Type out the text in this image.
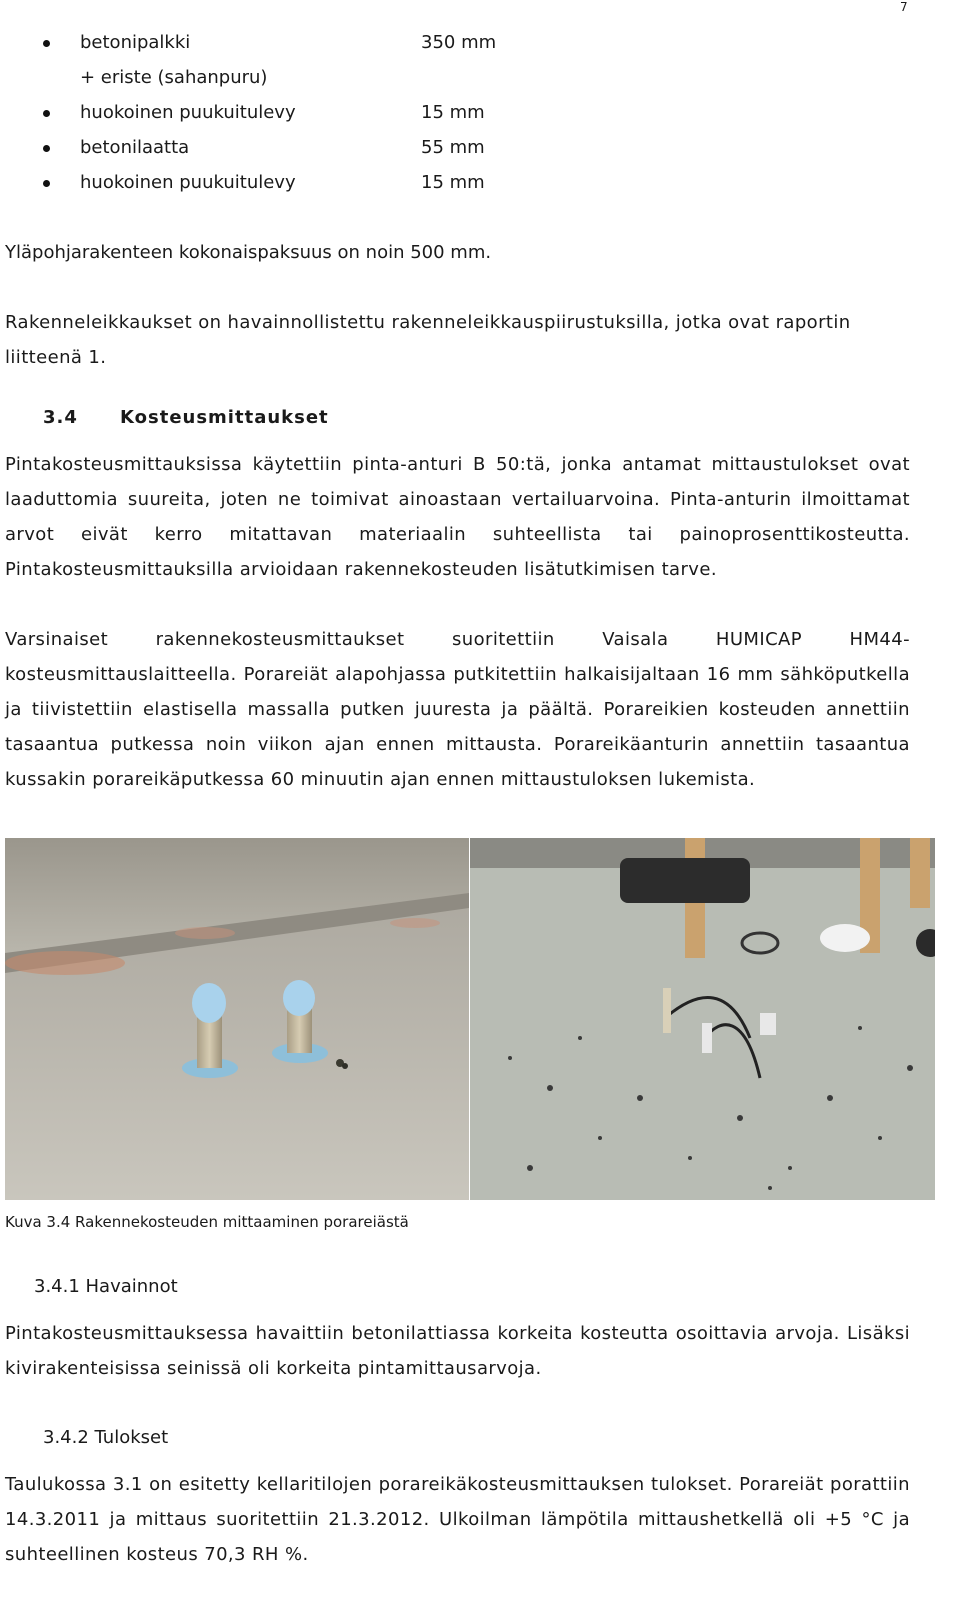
7
betonipalkki	350 mm
+ eriste (sahanpuru)
huokoinen puukuitulevy	15 mm
betonilaatta	55 mm
huokoinen puukuitulevy	15 mm
Yläpohjarakenteen kokonaispaksuus on noin 500 mm.

Rakenneleikkaukset on havainnollistettu rakenneleikkauspiirustuksilla, jotka ovat raportin liitteenä 1.

3.4 Kosteusmittaukset

Pintakosteusmittauksissa käytettiin pinta-anturi B 50:tä, jonka antamat mittaustulokset ovat laaduttomia suureita, joten ne toimivat ainoastaan vertailuarvoina. Pinta-anturin ilmoittamat arvot eivät kerro mitattavan materiaalin suhteellista tai painoprosenttikosteutta. Pintakosteusmittauksilla arvioidaan rakennekosteuden lisätutkimisen tarve.

Varsinaiset rakennekosteusmittaukset suoritettiin Vaisala HUMICAP HM44-kosteusmittauslaitteella. Porareiät alapohjassa putkitettiin halkaisijaltaan 16 mm sähköputkella ja tiivistettiin elastisella massalla putken juuresta ja päältä. Porareikien kosteuden annettiin tasaantua putkessa noin viikon ajan ennen mittausta. Porareikäanturin annettiin tasaantua kussakin porareikäputkessa 60 minuutin ajan ennen mittaustuloksen lukemista.

Kuva 3.4 Rakennekosteuden mittaaminen porareiästä
3.4.1 Havainnot

Pintakosteusmittauksessa havaittiin betonilattiassa korkeita kosteutta osoittavia arvoja. Lisäksi kivirakenteisissa seinissä oli korkeita pintamittausarvoja.

3.4.2 Tulokset

Taulukossa 3.1 on esitetty kellaritilojen porareikäkosteusmittauksen tulokset. Porareiät porattiin 14.3.2011 ja mittaus suoritettiin 21.3.2012. Ulkoilman lämpötila mittaushetkellä oli +5 °C ja suhteellinen kosteus 70,3 RH %.
